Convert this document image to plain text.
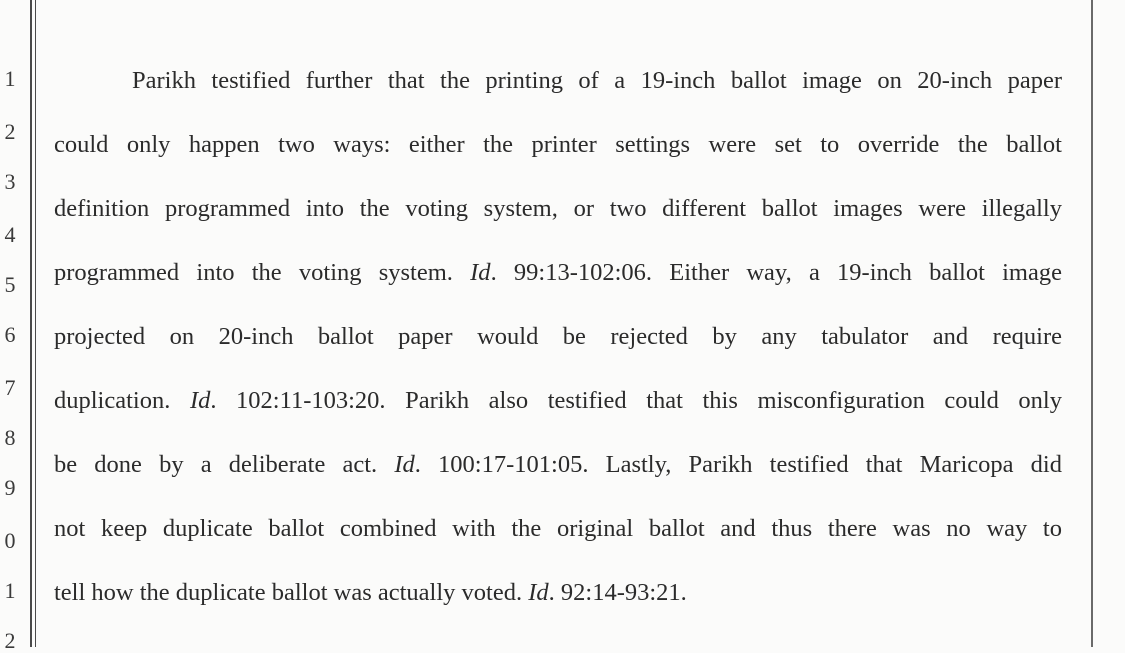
1
2
3
4
5
6
7
8
9
0
1
2
Parikh testified further that the printing of a 19-inch ballot image on 20-inch paper
could only happen two ways: either the printer settings were set to override the ballot
definition programmed into the voting system, or two different ballot images were illegally
programmed into the voting system. Id. 99:13-102:06. Either way, a 19-inch ballot image
projected on 20-inch ballot paper would be rejected by any tabulator and require
duplication. Id. 102:11-103:20. Parikh also testified that this misconfiguration could only
be done by a deliberate act. Id. 100:17-101:05. Lastly, Parikh testified that Maricopa did
not keep duplicate ballot combined with the original ballot and thus there was no way to
tell how the duplicate ballot was actually voted. Id. 92:14-93:21.
